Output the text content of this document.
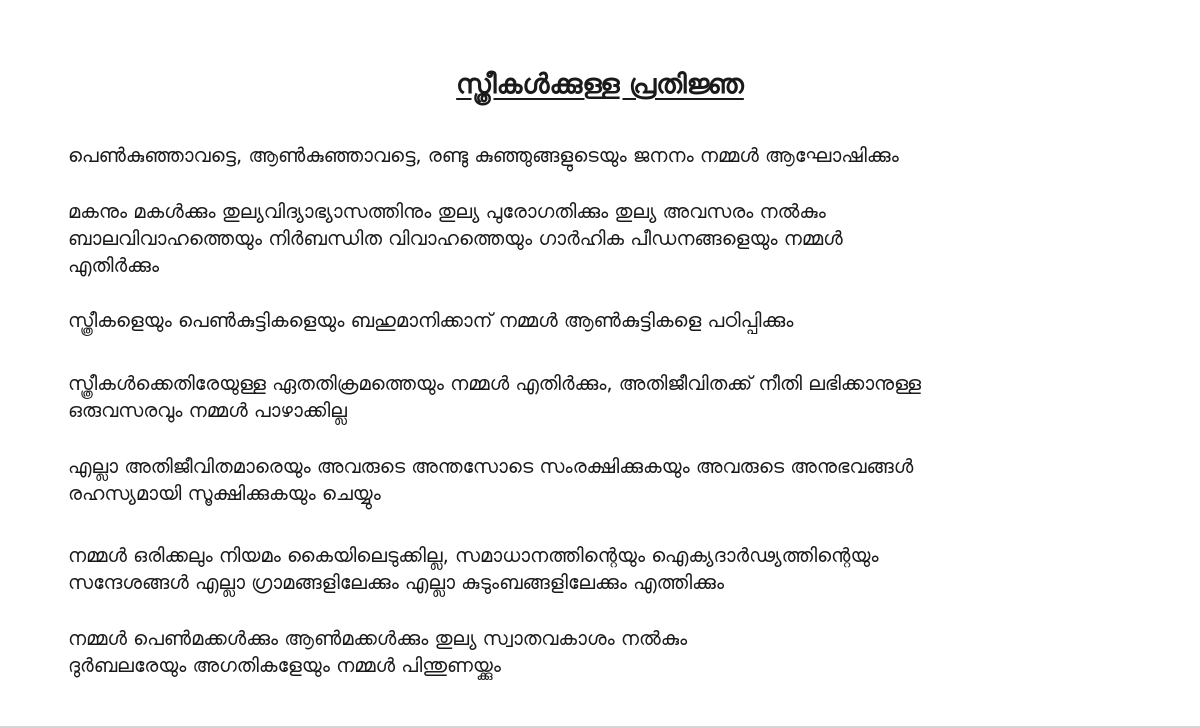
സ്ത്രീകൾക്കുള്ള പ്രതിജ്ഞ

പെൺകുഞ്ഞാവട്ടെ, ആൺകുഞ്ഞാവട്ടെ, രണ്ടു കുഞ്ഞുങ്ങളുടെയും ജനനം നമ്മൾ ആഘോഷിക്കും

മകനും മകൾക്കും തുല്യവിദ്യാഭ്യാസത്തിനും തുല്യ പുരോഗതിക്കും തുല്യ അവസരം നൽകും
ബാലവിവാഹത്തെയും നിർബന്ധിത വിവാഹത്തെയും ഗാർഹിക പീഡനങ്ങളെയും നമ്മൾ
എതിർക്കും

സ്ത്രീകളെയും പെൺകുട്ടികളെയും ബഹുമാനിക്കാന് നമ്മൾ ആൺകുട്ടികളെ പഠിപ്പിക്കും

സ്ത്രീകൾക്കെതിരേയുള്ള ഏതതിക്രമത്തെയും നമ്മൾ എതിർക്കും, അതിജീവിതക്ക് നീതി ലഭിക്കാനുള്ള
ഒരുവസരവും നമ്മൾ പാഴാക്കില്ല

എല്ലാ അതിജീവിതമാരെയും അവരുടെ അന്തസോടെ സംരക്ഷിക്കുകയും അവരുടെ അനുഭവങ്ങൾ
രഹസ്യമായി സൂക്ഷിക്കുകയും ചെയ്യും

നമ്മൾ ഒരിക്കലും നിയമം കൈയിലെടുക്കില്ല, സമാധാനത്തിന്റെയും ഐക്യദാർഢ്യത്തിന്റെയും
സന്ദേശങ്ങൾ എല്ലാ ഗ്രാമങ്ങളിലേക്കും എല്ലാ കുടുംബങ്ങളിലേക്കും എത്തിക്കും

നമ്മൾ പെൺമക്കൾക്കും ആൺമക്കൾക്കും തുല്യ സ്വാതവകാശം നൽകും
ദുർബലരേയും അഗതികളേയും നമ്മൾ പിന്തുണയ്ക്കും
